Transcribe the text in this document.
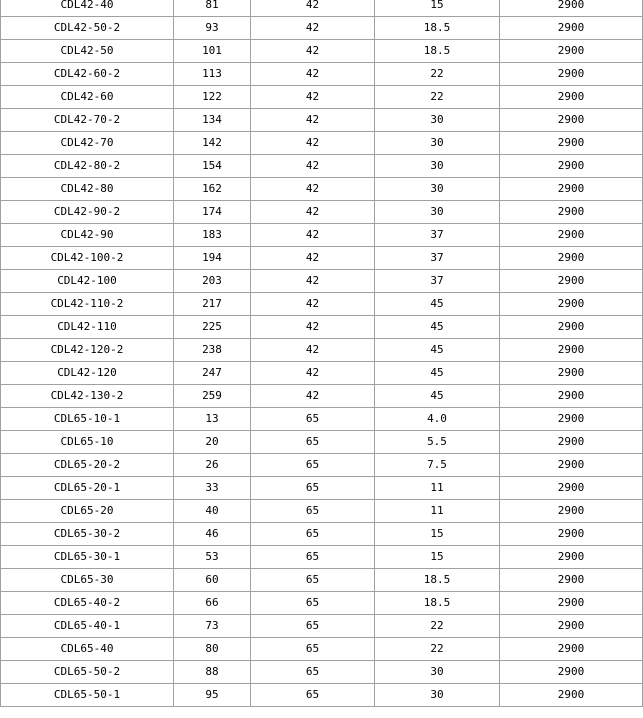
CDL42-40	81	42	15	2900
CDL42-50-2	93	42	18.5	2900
CDL42-50	101	42	18.5	2900
CDL42-60-2	113	42	22	2900
CDL42-60	122	42	22	2900
CDL42-70-2	134	42	30	2900
CDL42-70	142	42	30	2900
CDL42-80-2	154	42	30	2900
CDL42-80	162	42	30	2900
CDL42-90-2	174	42	30	2900
CDL42-90	183	42	37	2900
CDL42-100-2	194	42	37	2900
CDL42-100	203	42	37	2900
CDL42-110-2	217	42	45	2900
CDL42-110	225	42	45	2900
CDL42-120-2	238	42	45	2900
CDL42-120	247	42	45	2900
CDL42-130-2	259	42	45	2900
CDL65-10-1	13	65	4.0	2900
CDL65-10	20	65	5.5	2900
CDL65-20-2	26	65	7.5	2900
CDL65-20-1	33	65	11	2900
CDL65-20	40	65	11	2900
CDL65-30-2	46	65	15	2900
CDL65-30-1	53	65	15	2900
CDL65-30	60	65	18.5	2900
CDL65-40-2	66	65	18.5	2900
CDL65-40-1	73	65	22	2900
CDL65-40	80	65	22	2900
CDL65-50-2	88	65	30	2900
CDL65-50-1	95	65	30	2900
